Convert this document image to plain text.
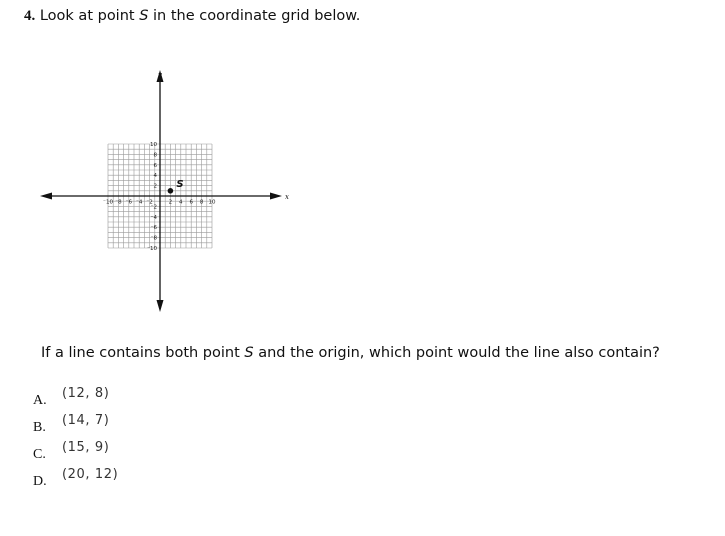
4. Look at point S in the coordinate grid below.
x
y
⁻10 ⁻8 ⁻6 ⁻4 ⁻2	2 4 6 8 10
10
8
6
4
2
⁻2
⁻4
⁻6
⁻8
⁻10
S
If a line contains both point S and the origin, which point would the line also contain?
A. (12, 8)
B. (14, 7)
C. (15, 9)
D. (20, 12)
